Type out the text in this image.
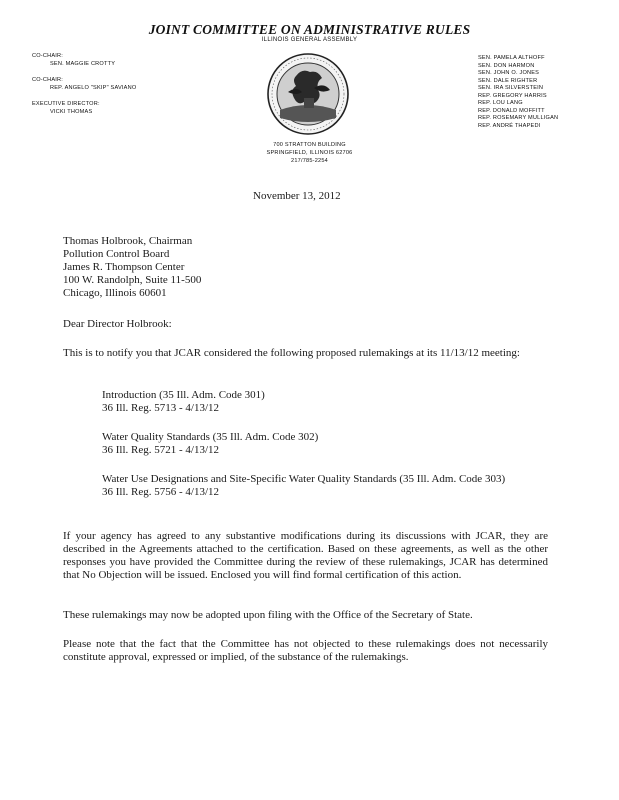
JOINT COMMITTEE ON ADMINISTRATIVE RULES
ILLINOIS GENERAL ASSEMBLY
CO-CHAIR:
SEN. MAGGIE CROTTY
CO-CHAIR:
REP. ANGELO "SKIP" SAVIANO
EXECUTIVE DIRECTOR:
VICKI THOMAS
SEN. PAMELA ALTHOFF
SEN. DON HARMON
SEN. JOHN O. JONES
SEN. DALE RIGHTER
SEN. IRA SILVERSTEIN
REP. GREGORY HARRIS
REP. LOU LANG
REP. DONALD MOFFITT
REP. ROSEMARY MULLIGAN
REP. ANDRÉ THAPEDI
700 STRATTON BUILDING
SPRINGFIELD, ILLINOIS 62706
217/785-2254
November 13, 2012
Thomas Holbrook, Chairman
Pollution Control Board
James R. Thompson Center
100 W. Randolph, Suite 11-500
Chicago, Illinois 60601
Dear Director Holbrook:
This is to notify you that JCAR considered the following proposed rulemakings at its 11/13/12 meeting:
Introduction (35 Ill. Adm. Code 301)
36 Ill. Reg. 5713 - 4/13/12
Water Quality Standards (35 Ill. Adm. Code 302)
36 Ill. Reg. 5721 - 4/13/12
Water Use Designations and Site-Specific Water Quality Standards (35 Ill. Adm. Code 303)
36 Ill. Reg. 5756 - 4/13/12
If your agency has agreed to any substantive modifications during its discussions with JCAR, they are described in the Agreements attached to the certification. Based on these agreements, as well as the other responses you have provided the Committee during the review of these rulemakings, JCAR has determined that No Objection will be issued. Enclosed you will find formal certification of this action.
These rulemakings may now be adopted upon filing with the Office of the Secretary of State.
Please note that the fact that the Committee has not objected to these rulemakings does not necessarily constitute approval, expressed or implied, of the substance of the rulemakings.
